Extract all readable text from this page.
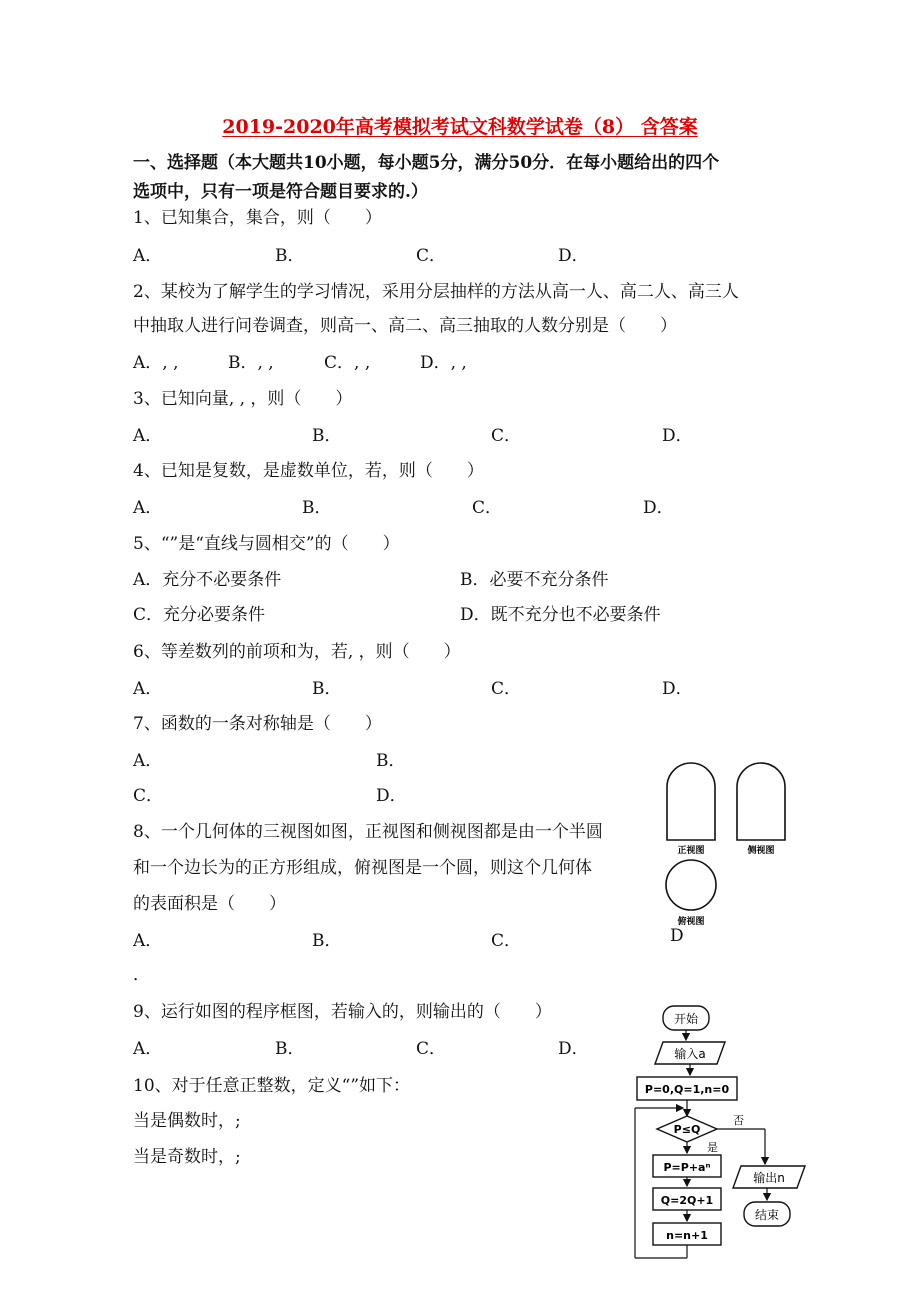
2019-2020年高考模拟考试文科数学试卷（8） 含答案
一、选择题（本大题共10小题，每小题5分，满分50分．在每小题给出的四个
选项中，只有一项是符合题目要求的.）
1、已知集合，集合，则（　　）
A．	B．	C．	D．
2、某校为了解学生的学习情况，采用分层抽样的方法从高一人、高二人、高三人
中抽取人进行问卷调查，则高一、高二、高三抽取的人数分别是（　　）
A．, ,	B．, ,	C．, ,	D．, ,
3、已知向量, , ，则（　　）
A．	B．	C．	D．
4、已知是复数，是虚数单位，若，则（　　）
A．	B．	C．	D．
5、“”是“直线与圆相交”的（　　）
A．充分不必要条件	B．必要不充分条件
C．充分必要条件	D．既不充分也不必要条件
6、等差数列的前项和为，若, ，则（　　）
A．	B．	C．	D．
7、函数的一条对称轴是（　　）
A．	B．
C．	D．
8、一个几何体的三视图如图，正视图和侧视图都是由一个半圆
和一个边长为的正方形组成，俯视图是一个圆，则这个几何体
的表面积是（　　）
A．	B．	C．	D
．
正视图	侧视图
俯视图
9、运行如图的程序框图，若输入的，则输出的（　　）
A．	B．	C．	D．
10、对于任意正整数，定义“”如下：
当是偶数时，;
当是奇数时，;
开始
输入a
P=0,Q=1,n=0
P≤Q
是
否
输出n
结束
P=P+aⁿ
Q=2Q+1
n=n+1
